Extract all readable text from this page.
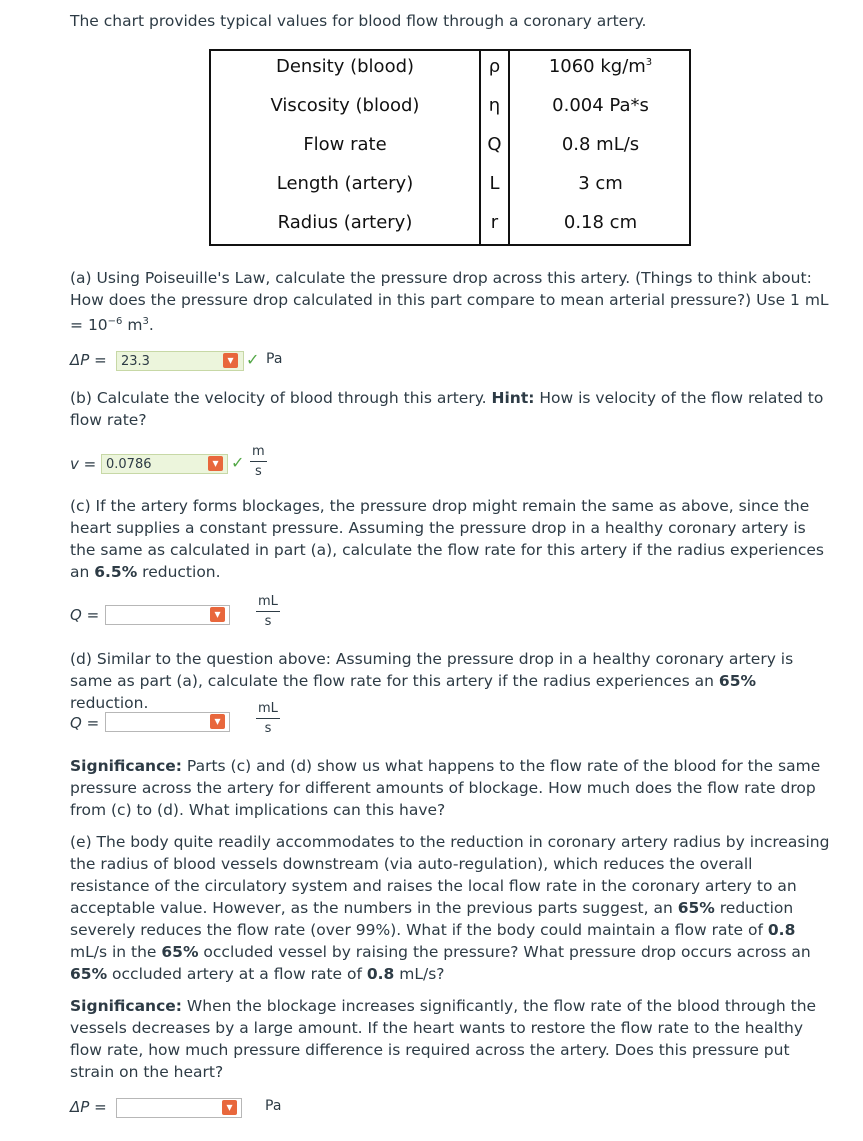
The chart provides typical values for blood flow through a coronary artery.
Density (blood)	ρ	1060 $kg/m^3$
Viscosity (blood)	η	0.004 Pa*s
Flow rate	Q	0.8 mL/s
Length (artery)	L	3 cm
Radius (artery)	r	0.18 cm
(a) Using Poiseuille's Law, calculate the pressure drop across this artery. (Things to think about: How does the pressure drop calculated in this part compare to mean arterial pressure?) Use 1 mL = $10^{-6}$ $m^3$.
ΔP =
23.3	▾ ✓ Pa
(b) Calculate the velocity of blood through this artery. Hint: How is velocity of the flow related to flow rate?
v =
0.0786	▾ ✓ $\frac{m}{s}$
(c) If the artery forms blockages, the pressure drop might remain the same as above, since the heart supplies a constant pressure. Assuming the pressure drop in a healthy coronary artery is the same as calculated in part (a), calculate the flow rate for this artery if the radius experiences an 6.5% reduction.
Q =	▾	$\frac{mL}{s}$
(d) Similar to the question above: Assuming the pressure drop in a healthy coronary artery is same as part (a), calculate the flow rate for this artery if the radius experiences an 65% reduction.
Q =	▾	$\frac{mL}{s}$
Significance: Parts (c) and (d) show us what happens to the flow rate of the blood for the same pressure across the artery for different amounts of blockage. How much does the flow rate drop from (c) to (d). What implications can this have?
(e) The body quite readily accommodates to the reduction in coronary artery radius by increasing the radius of blood vessels downstream (via auto-regulation), which reduces the overall resistance of the circulatory system and raises the local flow rate in the coronary artery to an acceptable value. However, as the numbers in the previous parts suggest, an 65% reduction severely reduces the flow rate (over 99%). What if the body could maintain a flow rate of 0.8 mL/s in the 65% occluded vessel by raising the pressure? What pressure drop occurs across an 65% occluded artery at a flow rate of 0.8 mL/s?
Significance: When the blockage increases significantly, the flow rate of the blood through the vessels decreases by a large amount. If the heart wants to restore the flow rate to the healthy flow rate, how much pressure difference is required across the artery. Does this pressure put strain on the heart?
ΔP =	▾	Pa
